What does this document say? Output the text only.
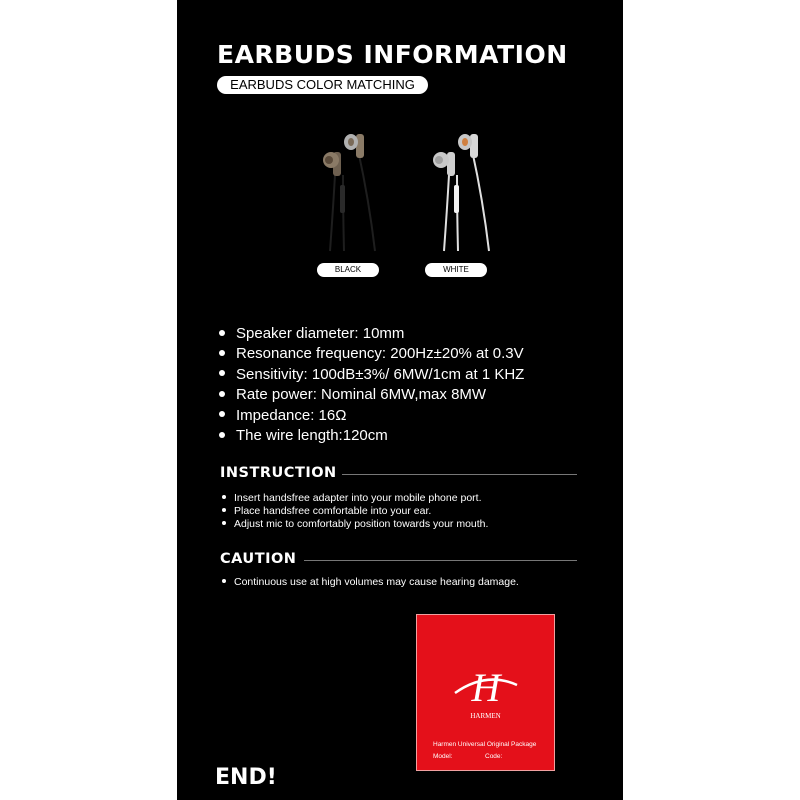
EARBUDS INFORMATION
EARBUDS COLOR MATCHING
BLACK	WHITE
Speaker diameter: 10mm
Resonance frequency: 200Hz±20% at 0.3V
Sensitivity: 100dB±3%/ 6MW/1cm at 1 KHZ
Rate power: Nominal 6MW,max 8MW
Impedance: 16Ω
The wire length:120cm
INSTRUCTION
Insert handsfree adapter into your mobile phone port.
Place handsfree comfortable into your ear.
Adjust mic to comfortably position towards your mouth.
CAUTION
Continuous use at high volumes may cause hearing damage.
H
HARMEN
Harmen Universal Original Package
Model:	Code:
END!
